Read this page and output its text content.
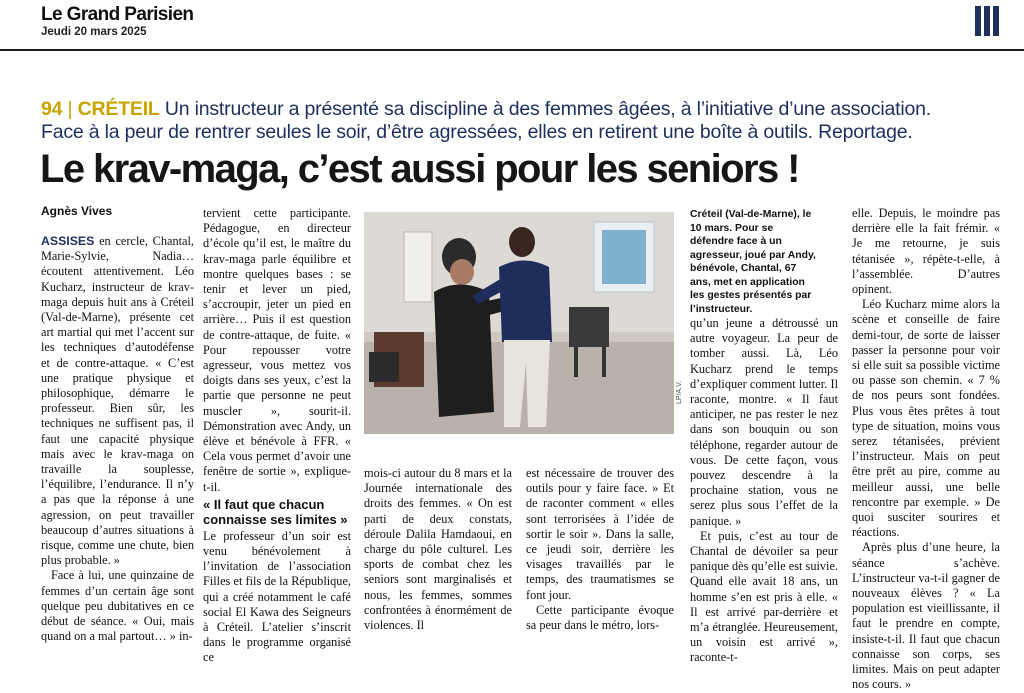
Le Grand Parisien
Jeudi 20 mars 2025
94 | CRÉTEIL Un instructeur a présenté sa discipline à des femmes âgées, à l’initiative d’une association.
Face à la peur de rentrer seules le soir, d’être agressées, elles en retirent une boîte à outils. Reportage.
Le krav-maga, c’est aussi pour les seniors !
Agnès Vives

ASSISES en cercle, Chantal, Marie-Sylvie, Nadia… écoutent attentivement. Léo Kucharz, instructeur de krav-maga depuis huit ans à Créteil (Val-de-Marne), présente cet art martial qui met l’accent sur les techniques d’autodéfense et de contre-attaque. « C’est une pratique physique et philosophique, démarre le professeur. Bien sûr, les techniques ne suffisent pas, il faut une capacité physique mais avec le krav-maga on travaille la souplesse, l’équilibre, l’endurance. Il n’y a pas que la réponse à une agression, on peut travailler beaucoup d’autres situations à risque, comme une chute, bien plus probable. »

Face à lui, une quinzaine de femmes d’un certain âge sont quelque peu dubitatives en ce début de séance. « Oui, mais quand on a mal partout… » in-

tervient cette participante. Pédagogue, en directeur d’école qu’il est, le maître du krav-maga parle équilibre et montre quelques bases : se tenir et lever un pied, s’accroupir, jeter un pied en arrière… Puis il est question de contre-attaque, de fuite. « Pour repousser votre agresseur, vous mettez vos doigts dans ses yeux, c’est la partie que personne ne peut muscler », sourit-il. Démonstration avec Andy, un élève et bénévole à FFR. « Cela vous permet d’avoir une fenêtre de sortie », explique-t-il.

« Il faut que chacun connaisse ses limites »

Le professeur d’un soir est venu bénévolement à l’invitation de l’association Filles et fils de la République, qui a créé notamment le café social El Kawa des Seigneurs à Créteil. L’atelier s’inscrit dans le programme organisé ce

LP/A.V.

mois-ci autour du 8 mars et la Journée internationale des droits des femmes. « On est parti de deux constats, déroule Dalila Hamdaoui, en charge du pôle culturel. Les sports de combat chez les seniors sont marginalisés et nous, les femmes, sommes confrontées à énormément de violences. Il

est nécessaire de trouver des outils pour y faire face. » Et de raconter comment « elles sont terrorisées à l’idée de sortir le soir ». Dans la salle, ce jeudi soir, derrière les visages travaillés par le temps, des traumatismes se font jour.

Cette participante évoque sa peur dans le métro, lors-

Créteil (Val-de-Marne), le 10 mars. Pour se défendre face à un agresseur, joué par Andy, bénévole, Chantal, 67 ans, met en application les gestes présentés par l’instructeur.

qu’un jeune a détroussé un autre voyageur. La peur de tomber aussi. Là, Léo Kucharz prend le temps d’expliquer comment lutter. Il raconte, montre. « Il faut anticiper, ne pas rester le nez dans son bouquin ou son téléphone, regarder autour de vous. De cette façon, vous pouvez descendre à la prochaine station, vous ne serez plus sous l’effet de la panique. »

Et puis, c’est au tour de Chantal de dévoiler sa peur panique dès qu’elle est suivie. Quand elle avait 18 ans, un homme s’en est pris à elle. « Il est arrivé par-derrière et m’a étranglée. Heureusement, un voisin est arrivé », raconte-t-

elle. Depuis, le moindre pas derrière elle la fait frémir. « Je me retourne, je suis tétanisée », répète-t-elle, à l’assemblée. D’autres opinent.

Léo Kucharz mime alors la scène et conseille de faire demi-tour, de sorte de laisser passer la personne pour voir si elle suit sa possible victime ou passe son chemin. « 7 % de nos peurs sont fondées. Plus vous êtes prêtes à tout type de situation, moins vous serez tétanisées, prévient l’instructeur. Mais on peut être prêt au pire, comme au meilleur aussi, une belle rencontre par exemple. » De quoi susciter sourires et réactions.

Après plus d’une heure, la séance s’achève. L’instructeur va-t-il gagner de nouveaux élèves ? « La population est vieillissante, il faut le prendre en compte, insiste-t-il. Il faut que chacun connaisse son corps, ses limites. Mais on peut adapter nos cours. »
